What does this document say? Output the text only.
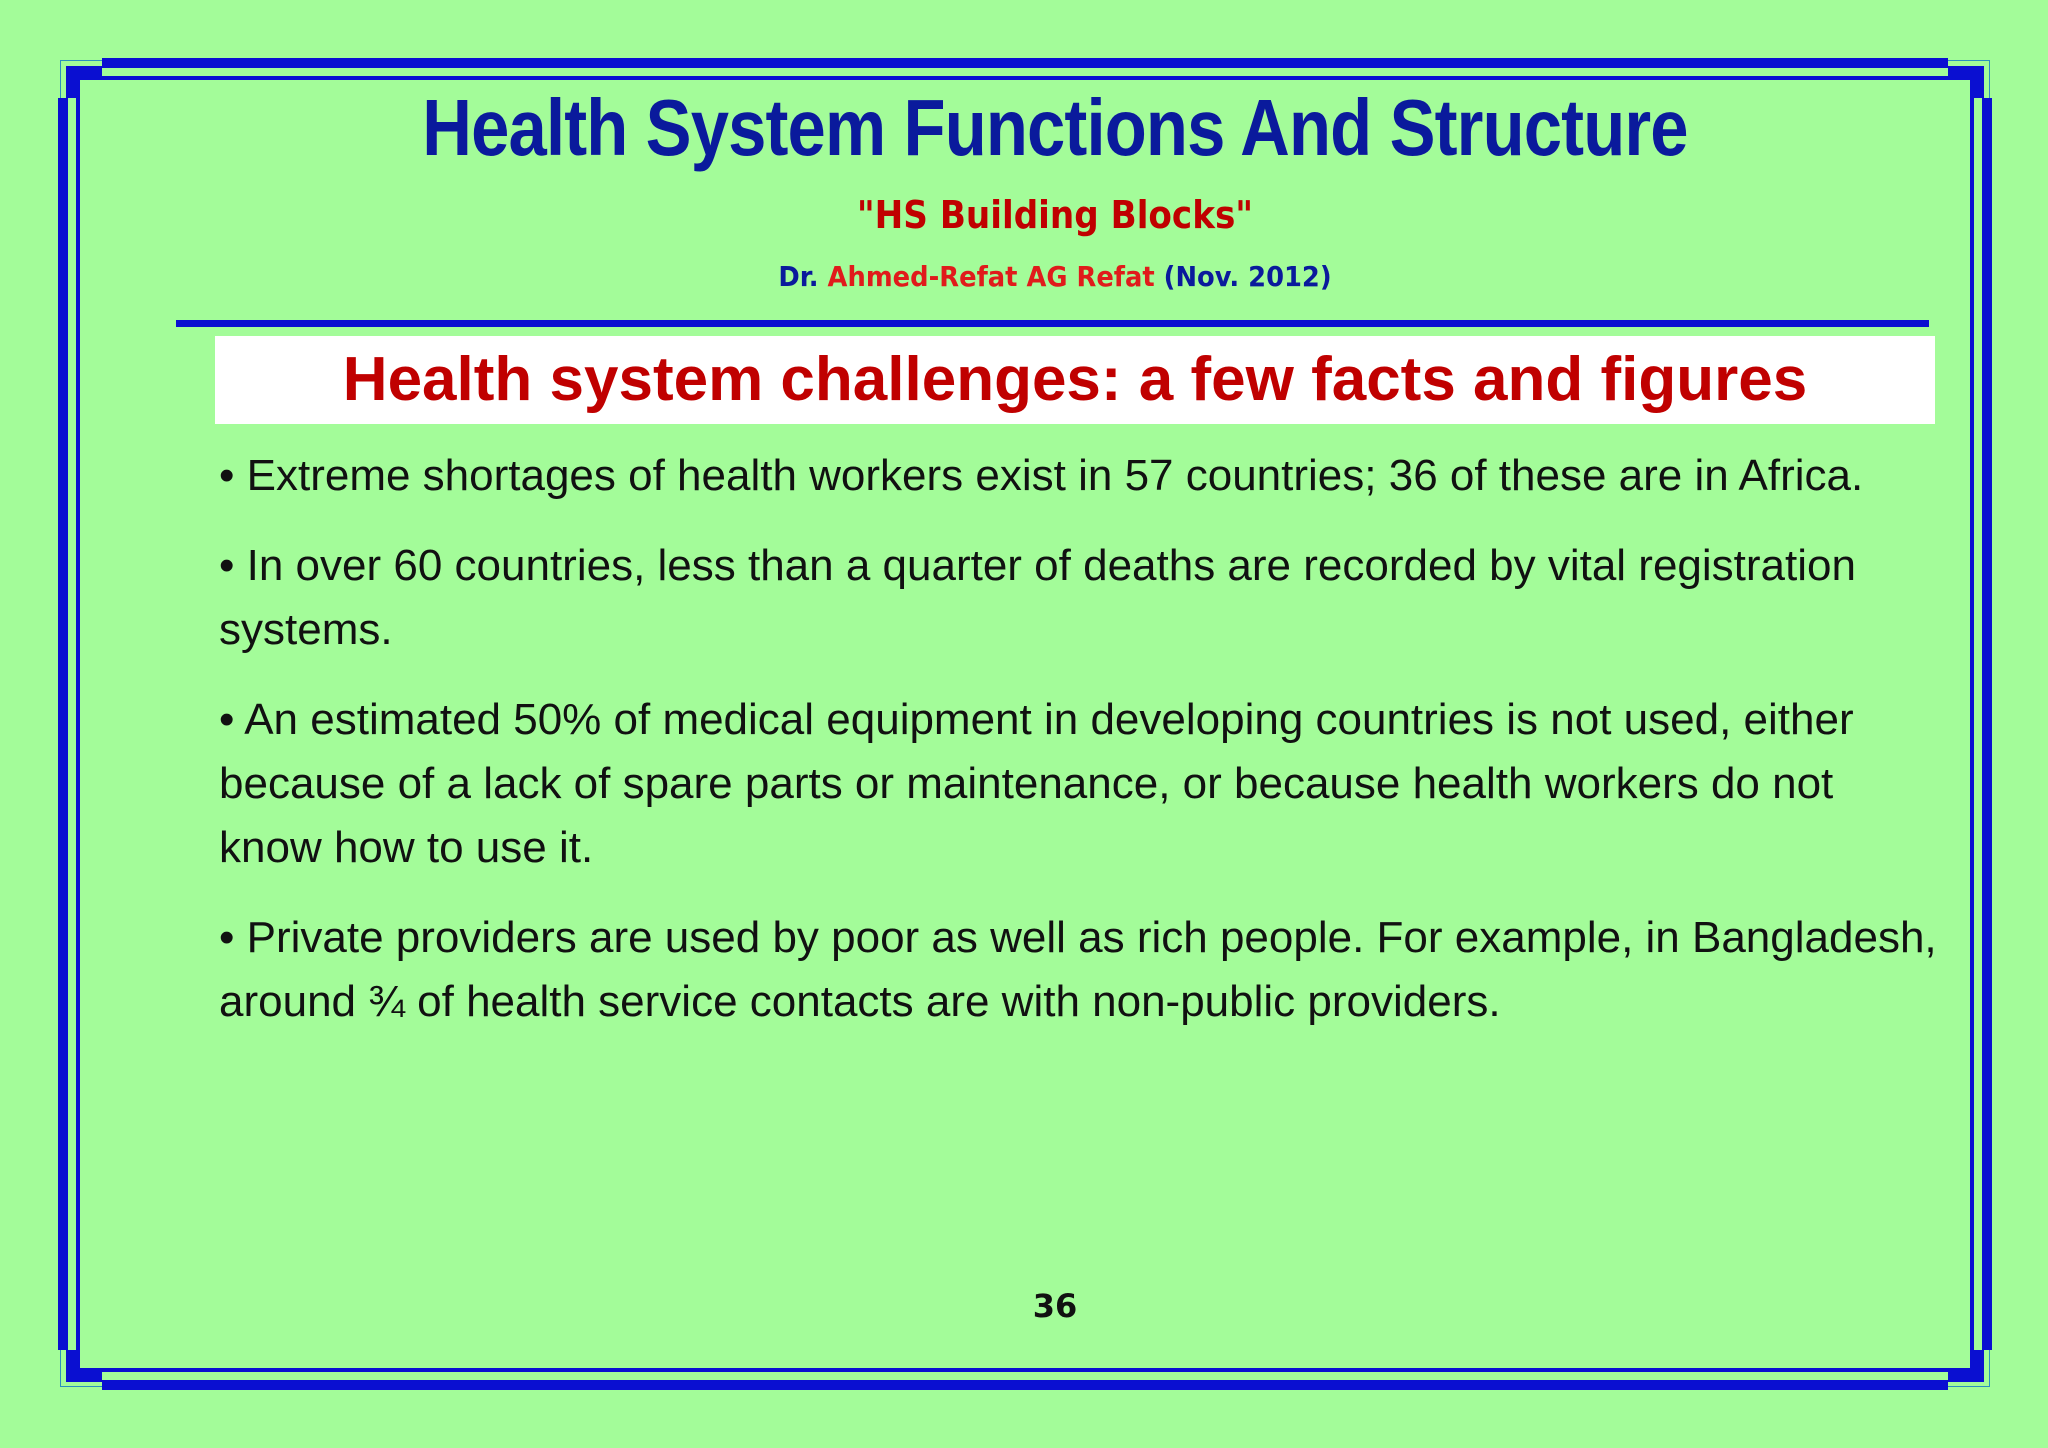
Health System Functions And Structure
"HS Building Blocks"
Dr. Ahmed-Refat AG Refat (Nov. 2012)
Health system challenges: a few facts and figures
• Extreme shortages of health workers exist in 57 countries; 36 of these are in Africa.
• In over 60 countries, less than a quarter of deaths are recorded by vital registration systems.
• An estimated 50% of medical equipment in developing countries is not used, either because of a lack of spare parts or maintenance, or because health workers do not know how to use it.
• Private providers are used by poor as well as rich people. For example, in Bangladesh, around ¾ of health service contacts are with non-public providers.
36
